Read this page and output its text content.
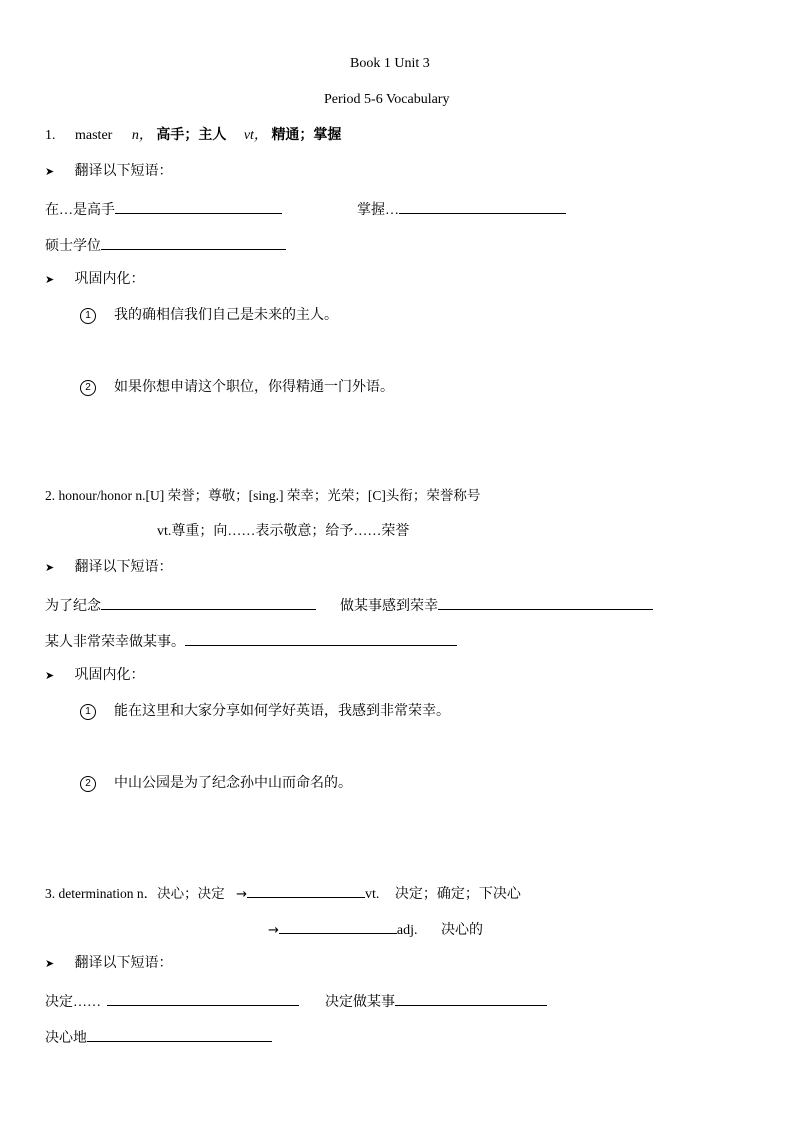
Book 1 Unit 3
Period 5-6 Vocabulary
1. master n， 高手；主人 vt， 精通；掌握
➤ 翻译以下短语：
在…是高手	掌握…
硕士学位
➤ 巩固内化：
1 我的确相信我们自己是未来的主人。
2 如果你想申请这个职位，你得精通一门外语。
2. honour/honor n.[U] 荣誉；尊敬；[sing.] 荣幸；光荣；[C]头衔；荣誉称号
vt.尊重；向……表示敬意；给予……荣誉
➤ 翻译以下短语：
为了纪念	做某事感到荣幸
某人非常荣幸做某事。
➤ 巩固内化：
1 能在这里和大家分享如何学好英语，我感到非常荣幸。
2 中山公园是为了纪念孙中山而命名的。
3. determination n．决心；决定 →	vt. 决定；确定；下决心
→	adj. 决心的
➤ 翻译以下短语：
决定……	决定做某事
决心地
